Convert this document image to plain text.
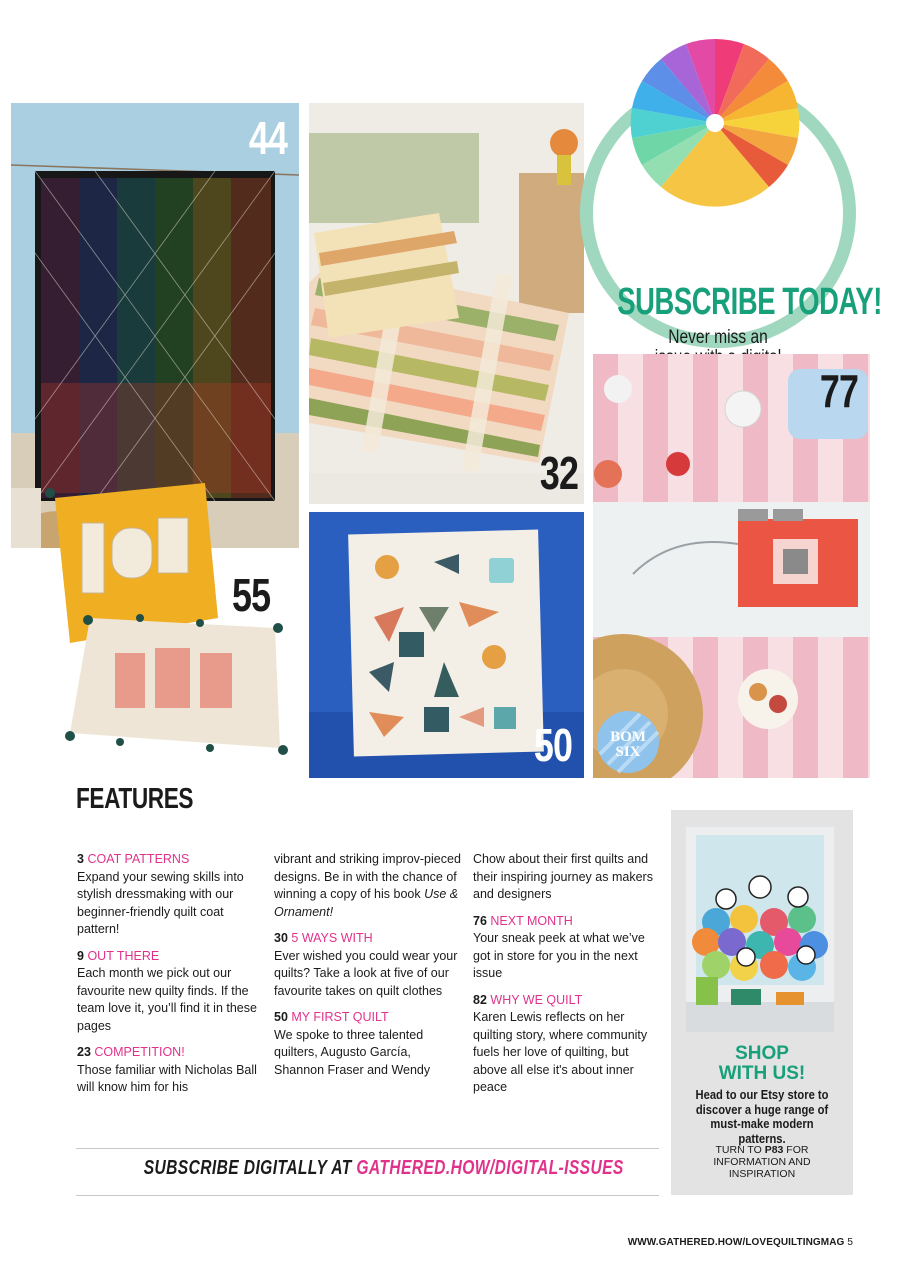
44
32
20
SUBSCRIBE TODAY!
Never miss an
77
BOM
SIX
55
50
FEATURES

3 COAT PATTERNS
Expand your sewing skills into stylish dressmaking with our beginner-friendly quilt coat pattern!

9 OUT THERE
Each month we pick out our favourite new quilty finds. If the team love it, you’ll find it in these pages

23 COMPETITION!
Those familiar with Nicholas Ball will know him for his

vibrant and striking improv-pieced designs. Be in with the chance of winning a copy of his book Use & Ornament!

30 5 WAYS WITH
Ever wished you could wear your quilts? Take a look at five of our favourite takes on quilt clothes

50 MY FIRST QUILT
We spoke to three talented quilters, Augusto García, Shannon Fraser and Wendy

Chow about their first quilts and their inspiring journey as makers and designers

76 NEXT MONTH
Your sneak peek at what we’ve got in store for you in the next issue

82 WHY WE QUILT
Karen Lewis reflects on her quilting story, where community fuels her love of quilting, but above all else it's about inner peace

SUBSCRIBE DIGITALLY AT GATHERED.HOW/DIGITAL-ISSUES
SHOP
WITH US!
Head to our Etsy store to discover a huge range of must-make modern patterns.
TURN TO P83 FOR INFORMATION AND INSPIRATION
WWW.GATHERED.HOW/LOVEQUILTINGMAG 5
